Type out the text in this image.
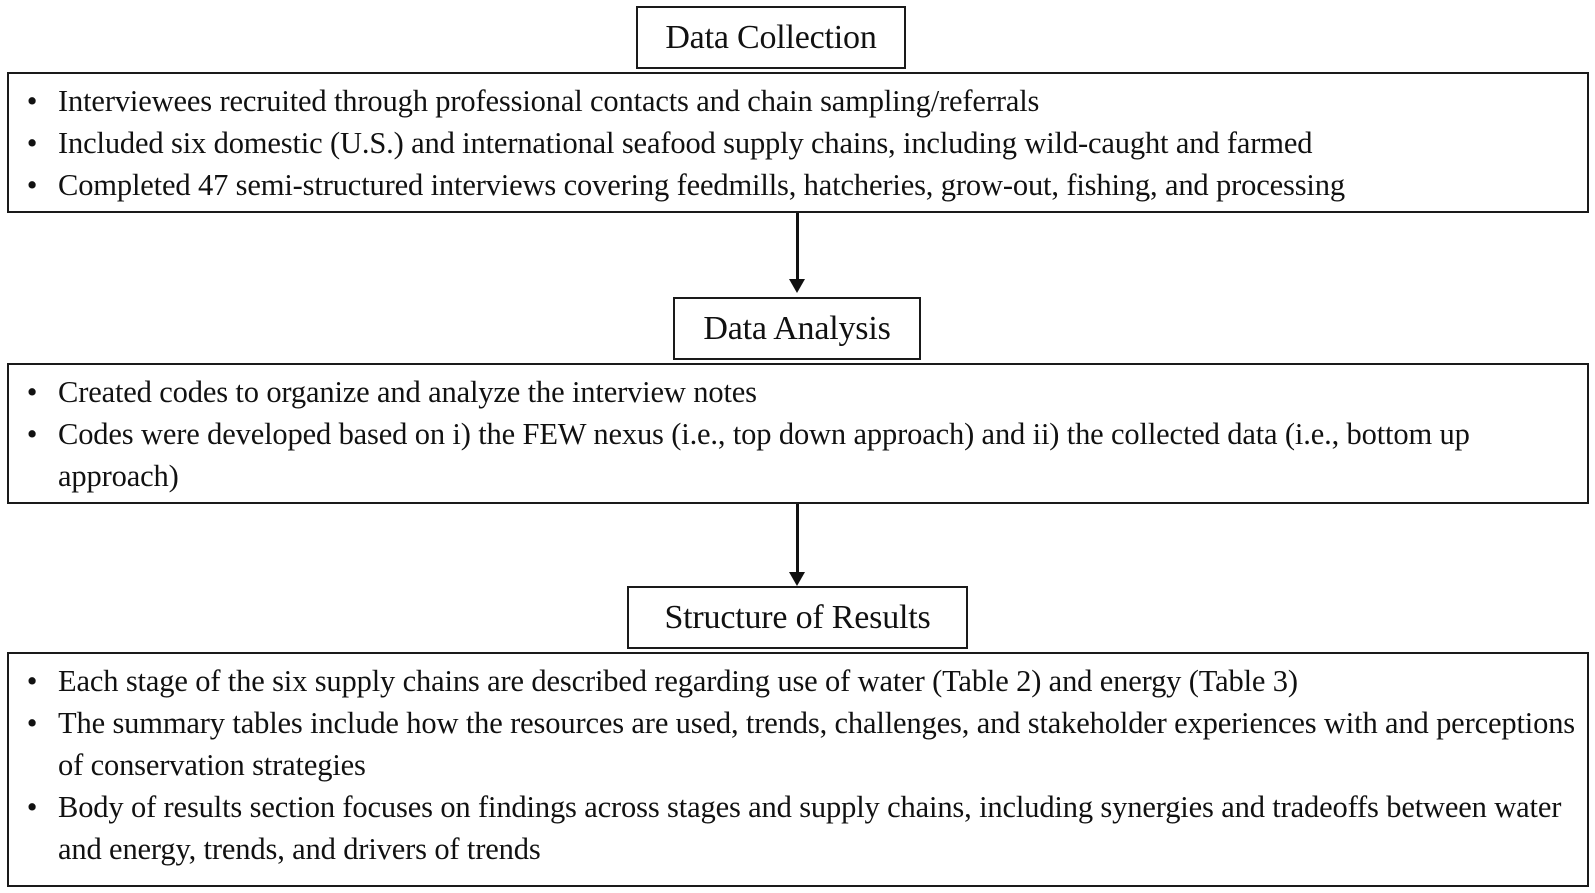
Data Collection
• Interviewees recruited through professional contacts and chain sampling/referrals
• Included six domestic (U.S.) and international seafood supply chains, including wild-caught and farmed
• Completed 47 semi-structured interviews covering feedmills, hatcheries, grow-out, fishing, and processing
Data Analysis
• Created codes to organize and analyze the interview notes
• Codes were developed based on i) the FEW nexus (i.e., top down approach) and ii) the collected data (i.e., bottom up approach)
Structure of Results
• Each stage of the six supply chains are described regarding use of water (Table 2) and energy (Table 3)
• The summary tables include how the resources are used, trends, challenges, and stakeholder experiences with and perceptions of conservation strategies
• Body of results section focuses on findings across stages and supply chains, including synergies and tradeoffs between water and energy, trends, and drivers of trends
